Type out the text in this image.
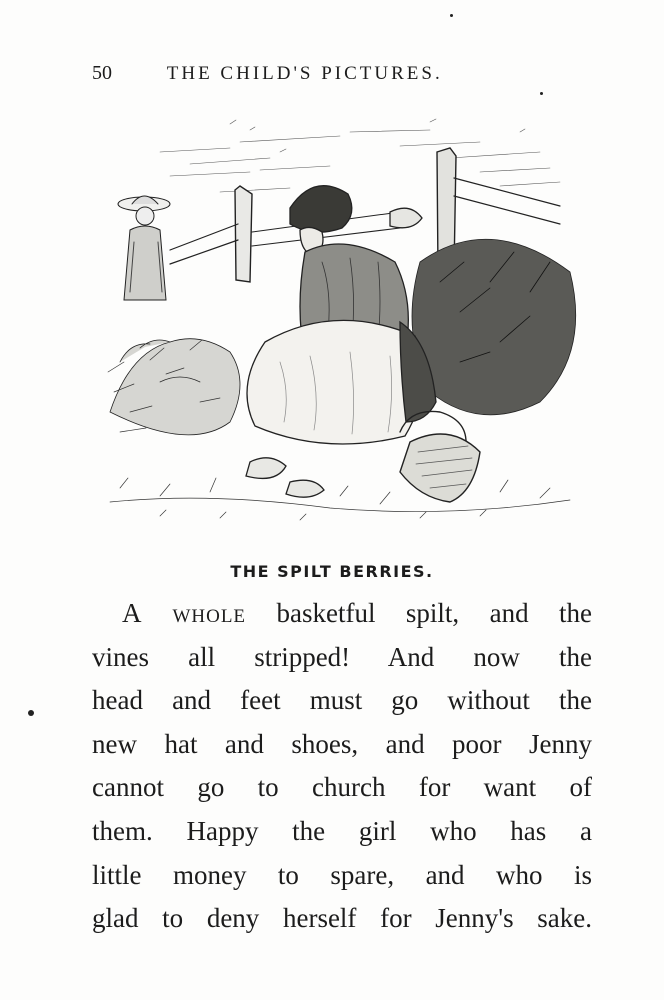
50	THE CHILD'S PICTURES.
THE SPILT BERRIES.
A whole basketful spilt, and the
vines all stripped! And now the
head and feet must go without the
new hat and shoes, and poor Jenny
cannot go to church for want of
them. Happy the girl who has a
little money to spare, and who is
glad to deny herself for Jenny's sake.
